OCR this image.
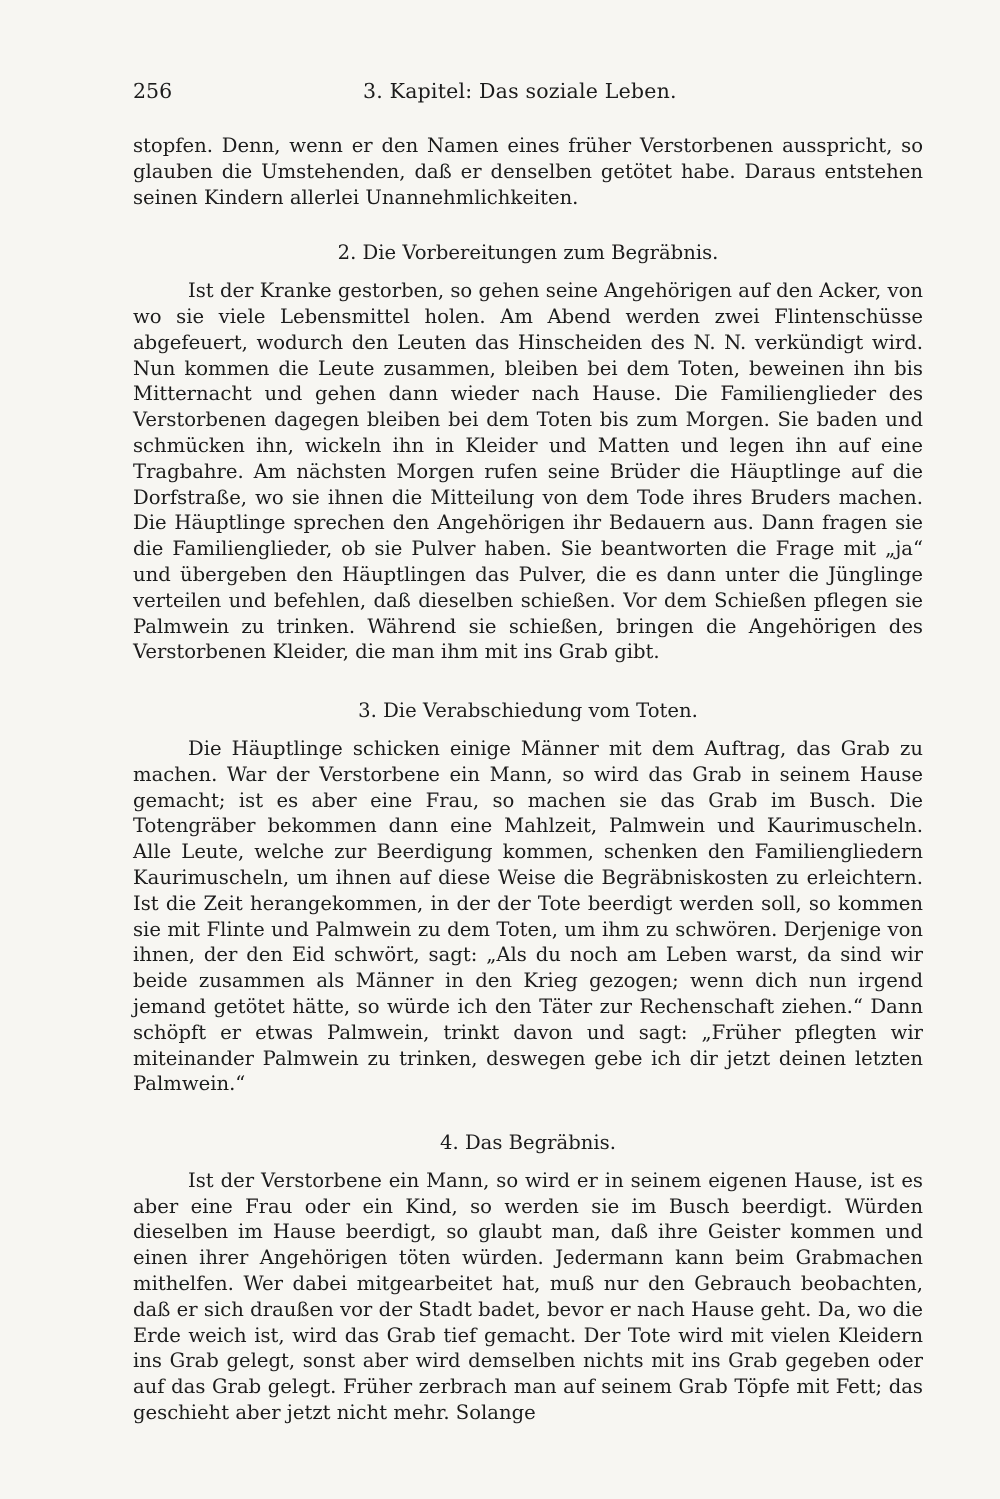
256	3. Kapitel: Das soziale Leben.

stopfen. Denn, wenn er den Namen eines früher Verstorbenen ausspricht, so glauben die Umstehenden, daß er denselben getötet habe. Daraus entstehen seinen Kindern allerlei Unannehmlichkeiten.

2. Die Vorbereitungen zum Begräbnis.

Ist der Kranke gestorben, so gehen seine Angehörigen auf den Acker, von wo sie viele Lebensmittel holen. Am Abend werden zwei Flintenschüsse abgefeuert, wodurch den Leuten das Hinscheiden des N. N. verkündigt wird. Nun kommen die Leute zusammen, bleiben bei dem Toten, beweinen ihn bis Mitternacht und gehen dann wieder nach Hause. Die Familienglieder des Verstorbenen dagegen bleiben bei dem Toten bis zum Morgen. Sie baden und schmücken ihn, wickeln ihn in Kleider und Matten und legen ihn auf eine Tragbahre. Am nächsten Morgen rufen seine Brüder die Häuptlinge auf die Dorfstraße, wo sie ihnen die Mitteilung von dem Tode ihres Bruders machen. Die Häuptlinge sprechen den Angehörigen ihr Bedauern aus. Dann fragen sie die Familienglieder, ob sie Pulver haben. Sie beantworten die Frage mit „ja“ und übergeben den Häuptlingen das Pulver, die es dann unter die Jünglinge verteilen und befehlen, daß dieselben schießen. Vor dem Schießen pflegen sie Palmwein zu trinken. Während sie schießen, bringen die Angehörigen des Verstorbenen Kleider, die man ihm mit ins Grab gibt.

3. Die Verabschiedung vom Toten.

Die Häuptlinge schicken einige Männer mit dem Auftrag, das Grab zu machen. War der Verstorbene ein Mann, so wird das Grab in seinem Hause gemacht; ist es aber eine Frau, so machen sie das Grab im Busch. Die Totengräber bekommen dann eine Mahlzeit, Palmwein und Kaurimuscheln. Alle Leute, welche zur Beerdigung kommen, schenken den Familiengliedern Kaurimuscheln, um ihnen auf diese Weise die Begräbniskosten zu erleichtern. Ist die Zeit herangekommen, in der der Tote beerdigt werden soll, so kommen sie mit Flinte und Palmwein zu dem Toten, um ihm zu schwören. Derjenige von ihnen, der den Eid schwört, sagt: „Als du noch am Leben warst, da sind wir beide zusammen als Männer in den Krieg gezogen; wenn dich nun irgend jemand getötet hätte, so würde ich den Täter zur Rechenschaft ziehen.“ Dann schöpft er etwas Palmwein, trinkt davon und sagt: „Früher pflegten wir miteinander Palmwein zu trinken, deswegen gebe ich dir jetzt deinen letzten Palmwein.“

4. Das Begräbnis.

Ist der Verstorbene ein Mann, so wird er in seinem eigenen Hause, ist es aber eine Frau oder ein Kind, so werden sie im Busch beerdigt. Würden dieselben im Hause beerdigt, so glaubt man, daß ihre Geister kommen und einen ihrer Angehörigen töten würden. Jedermann kann beim Grabmachen mithelfen. Wer dabei mitgearbeitet hat, muß nur den Gebrauch beobachten, daß er sich draußen vor der Stadt badet, bevor er nach Hause geht. Da, wo die Erde weich ist, wird das Grab tief gemacht. Der Tote wird mit vielen Kleidern ins Grab gelegt, sonst aber wird demselben nichts mit ins Grab gegeben oder auf das Grab gelegt. Früher zerbrach man auf seinem Grab Töpfe mit Fett; das geschieht aber jetzt nicht mehr. Solange
